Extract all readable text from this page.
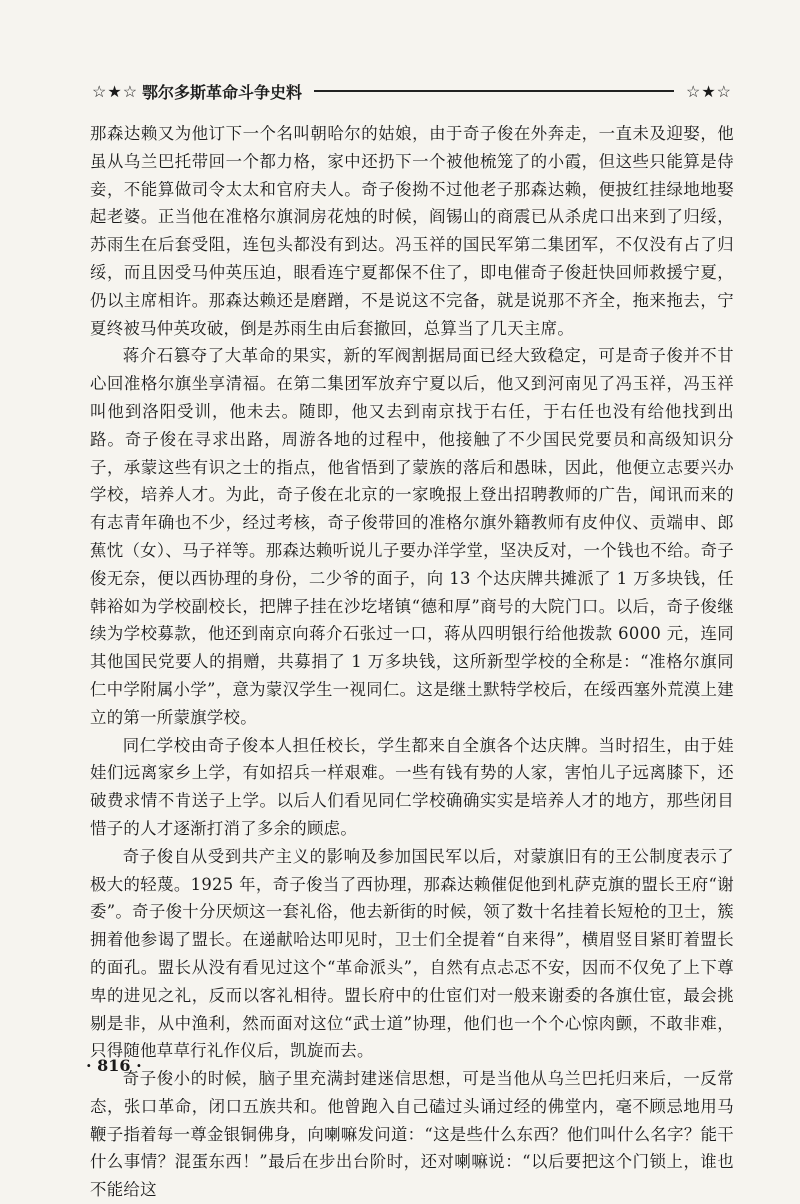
☆★☆ 鄂尔多斯革命斗争史料	☆★☆

那森达赖又为他订下一个名叫朝哈尔的姑娘，由于奇子俊在外奔走，一直未及迎娶，他虽从乌兰巴托带回一个都力格，家中还扔下一个被他梳笼了的小霞，但这些只能算是侍妾，不能算做司令太太和官府夫人。奇子俊拗不过他老子那森达赖，便披红挂绿地地娶起老婆。正当他在准格尔旗洞房花烛的时候，阎锡山的商震已从杀虎口出来到了归绥，苏雨生在后套受阻，连包头都没有到达。冯玉祥的国民军第二集团军，不仅没有占了归绥，而且因受马仲英压迫，眼看连宁夏都保不住了，即电催奇子俊赶快回师救援宁夏，仍以主席相许。那森达赖还是磨蹭，不是说这不完备，就是说那不齐全，拖来拖去，宁夏终被马仲英攻破，倒是苏雨生由后套撤回，总算当了几天主席。

蒋介石篡夺了大革命的果实，新的军阀割据局面已经大致稳定，可是奇子俊并不甘心回准格尔旗坐享清福。在第二集团军放弃宁夏以后，他又到河南见了冯玉祥，冯玉祥叫他到洛阳受训，他未去。随即，他又去到南京找于右任，于右任也没有给他找到出路。奇子俊在寻求出路，周游各地的过程中，他接触了不少国民党要员和高级知识分子，承蒙这些有识之士的指点，他省悟到了蒙族的落后和愚昧，因此，他便立志要兴办学校，培养人才。为此，奇子俊在北京的一家晚报上登出招聘教师的广告，闻讯而来的有志青年确也不少，经过考核，奇子俊带回的准格尔旗外籍教师有皮仲仪、贡端申、郎蕉忱（女）、马子祥等。那森达赖听说儿子要办洋学堂，坚决反对，一个钱也不给。奇子俊无奈，便以西协理的身份，二少爷的面子，向 13 个达庆牌共摊派了 1 万多块钱，任韩裕如为学校副校长，把牌子挂在沙圪堵镇“德和厚”商号的大院门口。以后，奇子俊继续为学校募款，他还到南京向蒋介石张过一口，蒋从四明银行给他拨款 6000 元，连同其他国民党要人的捐赠，共募捐了 1 万多块钱，这所新型学校的全称是：“准格尔旗同仁中学附属小学”，意为蒙汉学生一视同仁。这是继土默特学校后，在绥西塞外荒漠上建立的第一所蒙旗学校。

同仁学校由奇子俊本人担任校长，学生都来自全旗各个达庆牌。当时招生，由于娃娃们远离家乡上学，有如招兵一样艰难。一些有钱有势的人家，害怕儿子远离膝下，还破费求情不肯送子上学。以后人们看见同仁学校确确实实是培养人才的地方，那些闭目惜子的人才逐渐打消了多余的顾虑。

奇子俊自从受到共产主义的影响及参加国民军以后，对蒙旗旧有的王公制度表示了极大的轻蔑。1925 年，奇子俊当了西协理，那森达赖催促他到札萨克旗的盟长王府“谢委”。奇子俊十分厌烦这一套礼俗，他去新街的时候，领了数十名挂着长短枪的卫士，簇拥着他参谒了盟长。在递献哈达叩见时，卫士们全提着“自来得”，横眉竖目紧盯着盟长的面孔。盟长从没有看见过这个“革命派头”，自然有点忐忑不安，因而不仅免了上下尊卑的进见之礼，反而以客礼相待。盟长府中的仕宦们对一般来谢委的各旗仕宦，最会挑剔是非，从中渔利，然而面对这位“武士道”协理，他们也一个个心惊肉颤，不敢非难，只得随他草草行礼作仪后，凯旋而去。

奇子俊小的时候，脑子里充满封建迷信思想，可是当他从乌兰巴托归来后，一反常态，张口革命，闭口五族共和。他曾跑入自己磕过头诵过经的佛堂内，毫不顾忌地用马鞭子指着每一尊金银铜佛身，向喇嘛发问道：“这是些什么东西？他们叫什么名字？能干什么事情？混蛋东西！”最后在步出台阶时，还对喇嘛说：“以后要把这个门锁上，谁也不能给这

· 816 ·
